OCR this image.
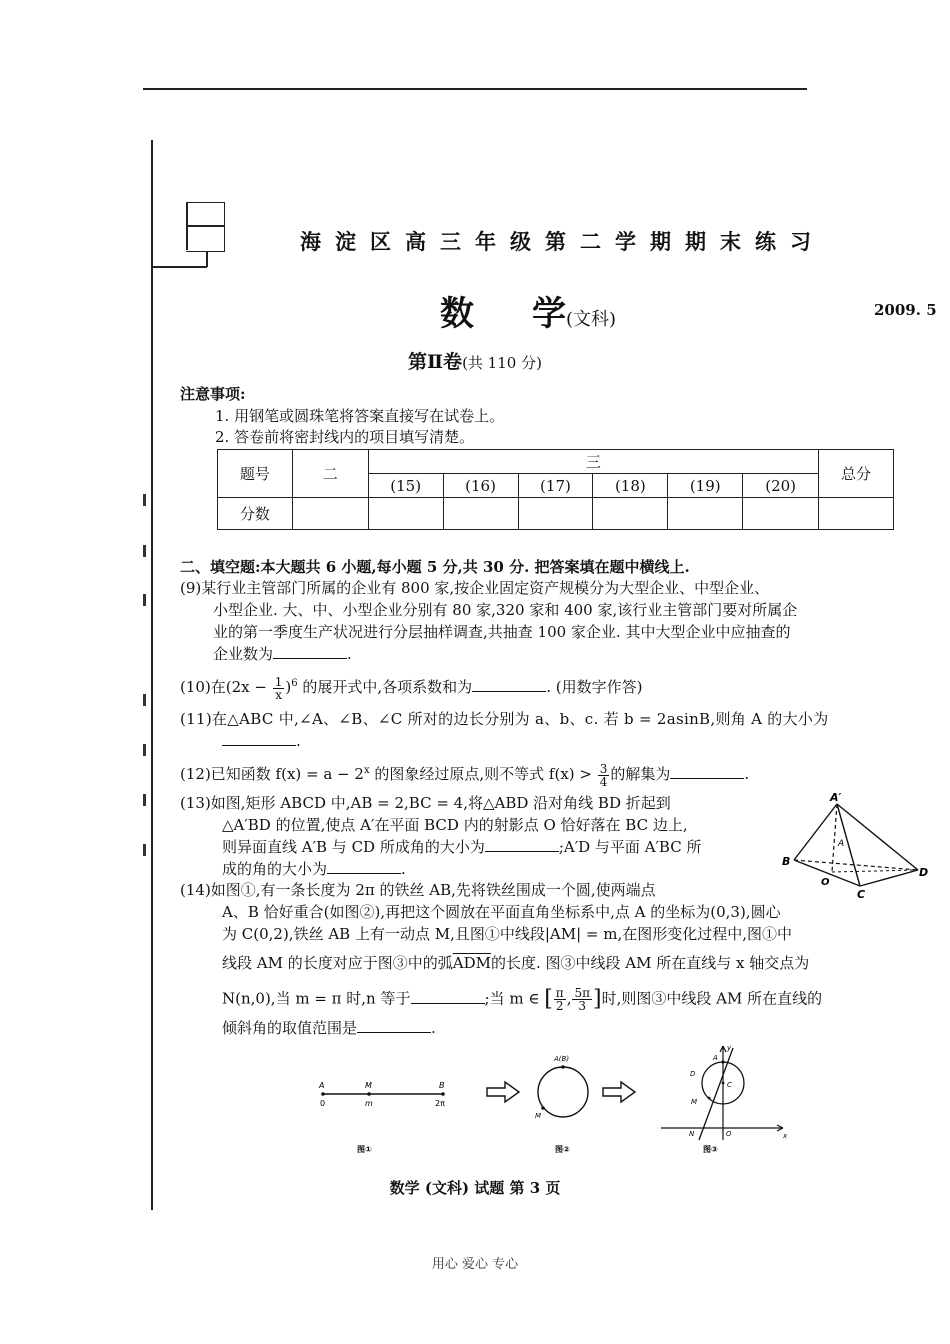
海淀区高三年级第二学期期末练习
数 学(文科)	2009. 5
第Ⅱ卷(共 110 分)
注意事项:
1. 用钢笔或圆珠笔将答案直接写在试卷上。
2. 答卷前将密封线内的项目填写清楚。
题号	二	三						总分
		(15)	(16)	(17)	(18)	(19)	(20)	
分数								
二、填空题:本大题共 6 小题,每小题 5 分,共 30 分. 把答案填在题中横线上.
(9)某行业主管部门所属的企业有 800 家,按企业固定资产规模分为大型企业、中型企业、
小型企业. 大、中、小型企业分别有 80 家,320 家和 400 家,该行业主管部门要对所属企
业的第一季度生产状况进行分层抽样调查,共抽查 100 家企业. 其中大型企业中应抽查的
企业数为	.
(10)在$(2x - \frac{1}{x} )^6$ 的展开式中,各项系数和为	. (用数字作答)
(11)在△ABC 中,∠A、∠B、∠C 所对的边长分别为 a、b、c. 若 b = 2asinB,则角 A 的大小为
.
(12)已知函数 $f(x) = a - 2^x$ 的图象经过原点,则不等式 $f(x) > \frac{3}{4}$ 的解集为	.
(13)如图,矩形 ABCD 中,AB = 2,BC = 4,将△ABD 沿对角线 BD 折起到
△A′BD 的位置,使点 A′在平面 BCD 内的射影点 O 恰好落在 BC 边上,
则异面直线 A′B 与 CD 所成角的大小为	;A′D 与平面 A′BC 所
成的角的大小为	.
A′
A
B
O
C
D
(14)如图①,有一条长度为 2π 的铁丝 AB,先将铁丝围成一个圆,使两端点
A、B 恰好重合(如图②),再把这个圆放在平面直角坐标系中,点 A 的坐标为(0,3),圆心
为 C(0,2),铁丝 AB 上有一动点 M,且图①中线段|AM| = m,在图形变化过程中,图①中
线段 AM 的长度对应于图③中的弧$\overline{ADM}$的长度. 图③中线段 AM 所在直线与 x 轴交点为
N(n,0),当 m = π 时,n 等于	;当 m ∈ [ $\frac{\pi}{2}$ , $\frac{5\pi}{3}$ ]时,则图③中线段 AM 所在直线的
倾斜角的取值范围是	.
A	M	B
0	m	2π
图①
A(B)
M
图②
y
A
D
C
M
N	O	x
图③
数学 (文科) 试题 第 3 页
用心 爱心 专心
